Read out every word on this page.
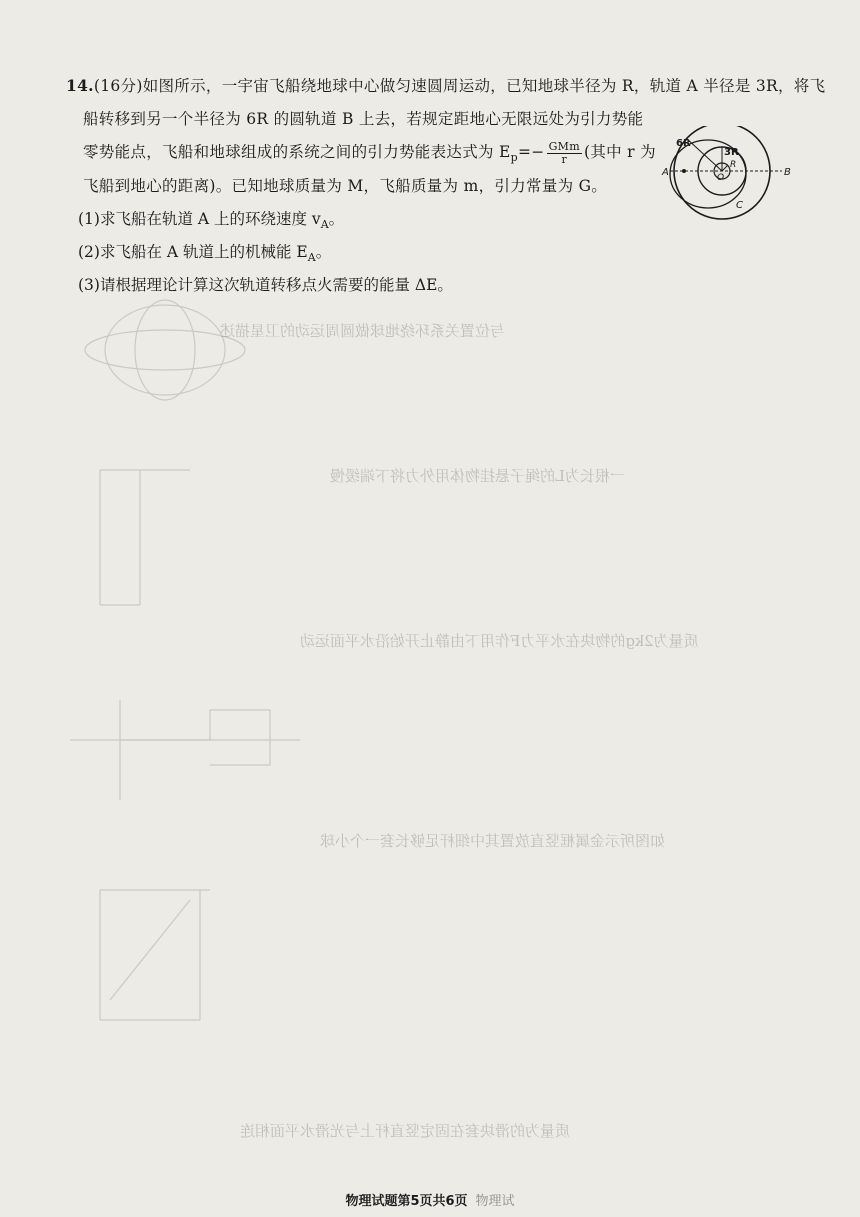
与位置关系环绕地球做圆周运动的卫星描述
一根长为L的绳子悬挂物体用外力将下端缓慢
质量为2kg的物块在水平力F作用下由静止开始沿水平面运动
如图所示金属框竖直放置其中细杆足够长套一个小球
质量为的滑块套在固定竖直杆上与光滑水平面相连
14.(16分)如图所示，一宇宙飞船绕地球中心做匀速圆周运动，已知地球半径为 R，轨道 A 半径是 3R，将飞
船转移到另一个半径为 6R 的圆轨道 B 上去，若规定距地心无限远处为引力势能
零势能点，飞船和地球组成的系统之间的引力势能表达式为 $E_p=- \frac{\text{GMm}}{r}$ (其中 r 为
飞船到地心的距离)。已知地球质量为 M，飞船质量为 m，引力常量为 G。
(1)求飞船在轨道 A 上的环绕速度 $v_A$。
(2)求飞船在 A 轨道上的机械能 $E_A$。
(3)请根据理论计算这次轨道转移点火需要的能量 ΔE。
6R
3R
R
O
A	B
C
物理试题第5页共6页 物理试
